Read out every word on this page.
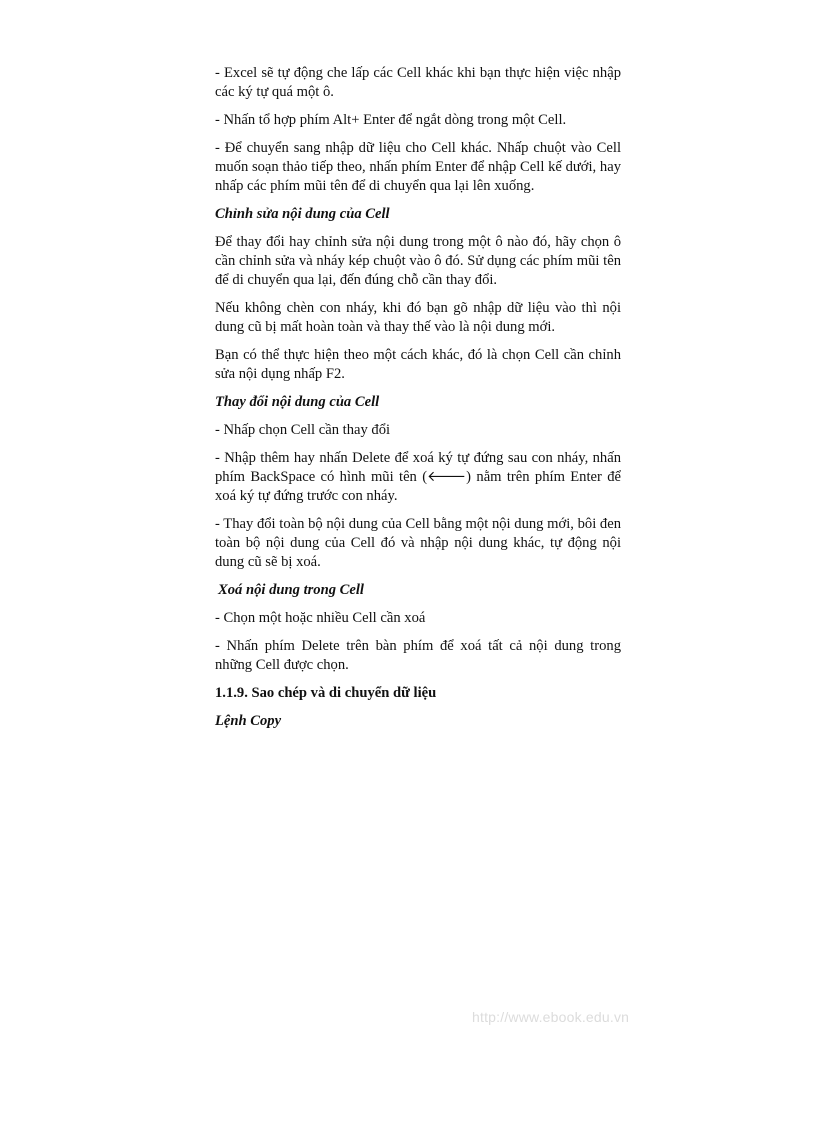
- Excel sẽ tự động che lấp các Cell khác khi bạn thực hiện việc nhập các ký tự quá một ô.

- Nhấn tổ hợp phím Alt+ Enter để ngắt dòng trong một Cell.

- Để chuyển sang nhập dữ liệu cho Cell khác. Nhấp chuột vào Cell muốn soạn thảo tiếp theo, nhấn phím Enter để nhập Cell kế dưới, hay nhấp các phím mũi tên để di chuyển qua lại lên xuống.

Chỉnh sửa nội dung của Cell

Để thay đổi hay chỉnh sửa nội dung trong một ô nào đó, hãy chọn ô cần chỉnh sửa và nháy kép chuột vào ô đó. Sử dụng các phím mũi tên để di chuyển qua lại, đến đúng chỗ cần thay đổi.

Nếu không chèn con nháy, khi đó bạn gõ nhập dữ liệu vào thì nội dung cũ bị mất hoàn toàn và thay thế vào là nội dung mới.

Bạn có thể thực hiện theo một cách khác, đó là chọn Cell cần chỉnh sửa nội dụng nhấp F2.

Thay đổi nội dung của Cell

- Nhấp chọn Cell cần thay đổi

- Nhập thêm hay nhấn Delete để xoá ký tự đứng sau con nháy, nhấn phím BackSpace có hình mũi tên (🡐) nằm trên phím Enter để xoá ký tự đứng trước con nháy.

- Thay đổi toàn bộ nội dung của Cell bằng một nội dung mới, bôi đen toàn bộ nội dung của Cell đó và nhập nội dung khác, tự động nội dung cũ sẽ bị xoá.

Xoá nội dung trong Cell

- Chọn một hoặc nhiều Cell cần xoá

- Nhấn phím Delete trên bàn phím để xoá tất cả nội dung trong những Cell được chọn.

1.1.9. Sao chép và di chuyển dữ liệu

Lệnh Copy

http://www.ebook.edu.vn
